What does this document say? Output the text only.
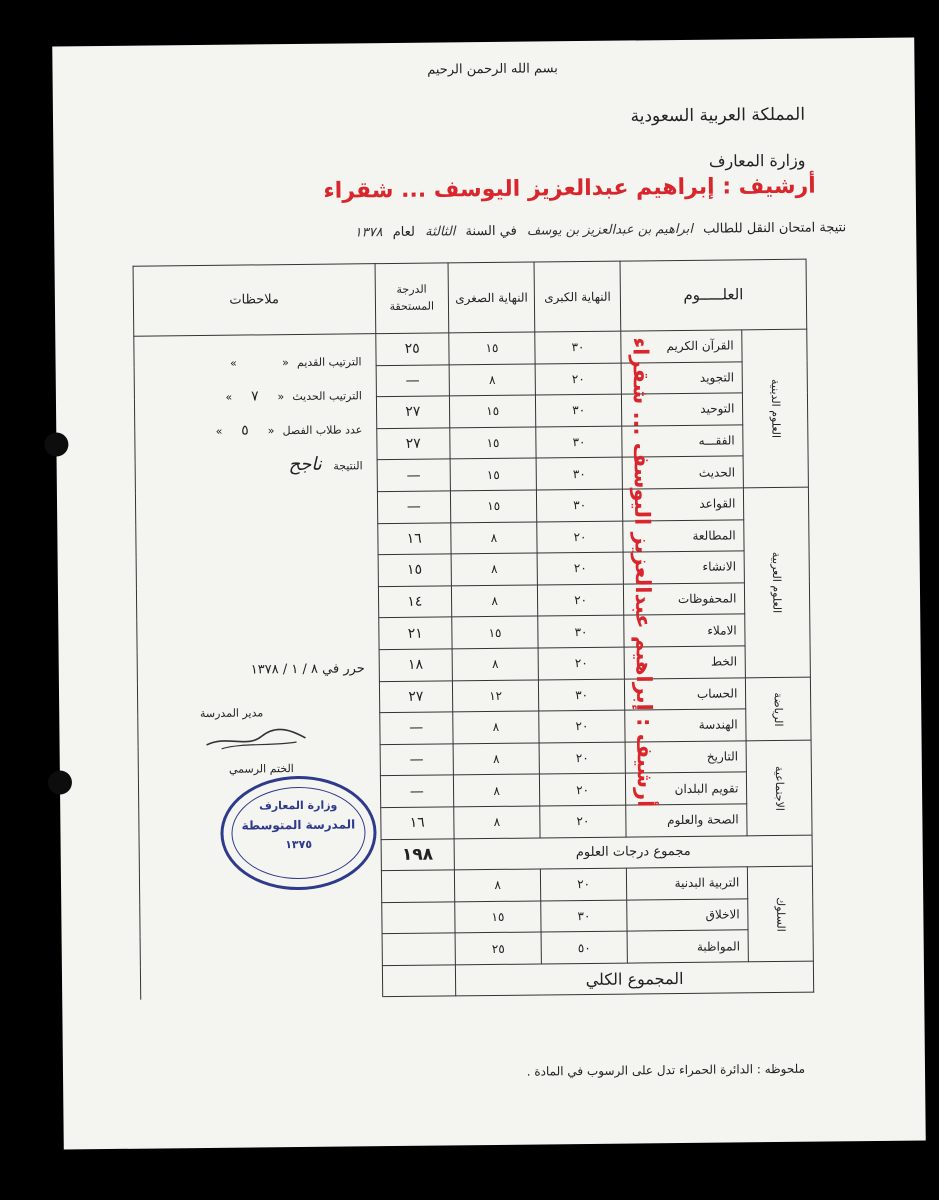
بسم الله الرحمن الرحيم
المملكة العربية السعودية
وزارة المعارف
أرشيف : إبراهيم عبدالعزيز اليوسف ... شقراء
نتيجة امتحان النقل للطالب ابراهيم بن عبدالعزيز بن يوسف في السنة الثالثة لعام ١٣٧٨
العلـــــوم		النهاية الكبرى	النهاية الصغرى	الدرجة المستحقة	ملاحظات
العلوم الدينية	القرآن الكريم	٣٠	١٥	٢٥	
	التجويد	٢٠	٨	—	
	التوحيد	٣٠	١٥	٢٧	
	الفقـــه	٣٠	١٥	٢٧	
	الحديث	٣٠	١٥	—	
العلوم العربية	القواعد	٣٠	١٥	—	
	المطالعة	٢٠	٨	١٦	
	الانشاء	٢٠	٨	١٥	
	المحفوظات	٢٠	٨	١٤	
	الاملاء	٣٠	١٥	٢١	
	الخط	٢٠	٨	١٨	
الرياضة	الحساب	٣٠	١٢	٢٧	
	الهندسة	٢٠	٨	—	
الاجتماعية	التاريخ	٢٠	٨	—	
	تقويم البلدان	٢٠	٨	—	
	الصحة والعلوم	٢٠	٨	١٦	
مجموع درجات العلوم				١٩٨	
السلوك	التربية البدنية	٢٠	٨		
	الاخلاق	٣٠	١٥		
	المواظبة	٥٠	٢٥		
المجموع الكلي					
أرشيف : إبراهيم عبدالعزيز اليوسف ... شقراء
الترتيب القديم «»
الترتيب الحديث «٧»
عدد طلاب الفصل «٥»
النتيجة ناجح
حرر في ٨ / ١ / ١٣٧٨
مدير المدرسة
الختم الرسمي
وزارة المعارف
المدرسة المتوسطة
١٣٧٥
ملحوظه : الدائرة الحمراء تدل على الرسوب في المادة .
